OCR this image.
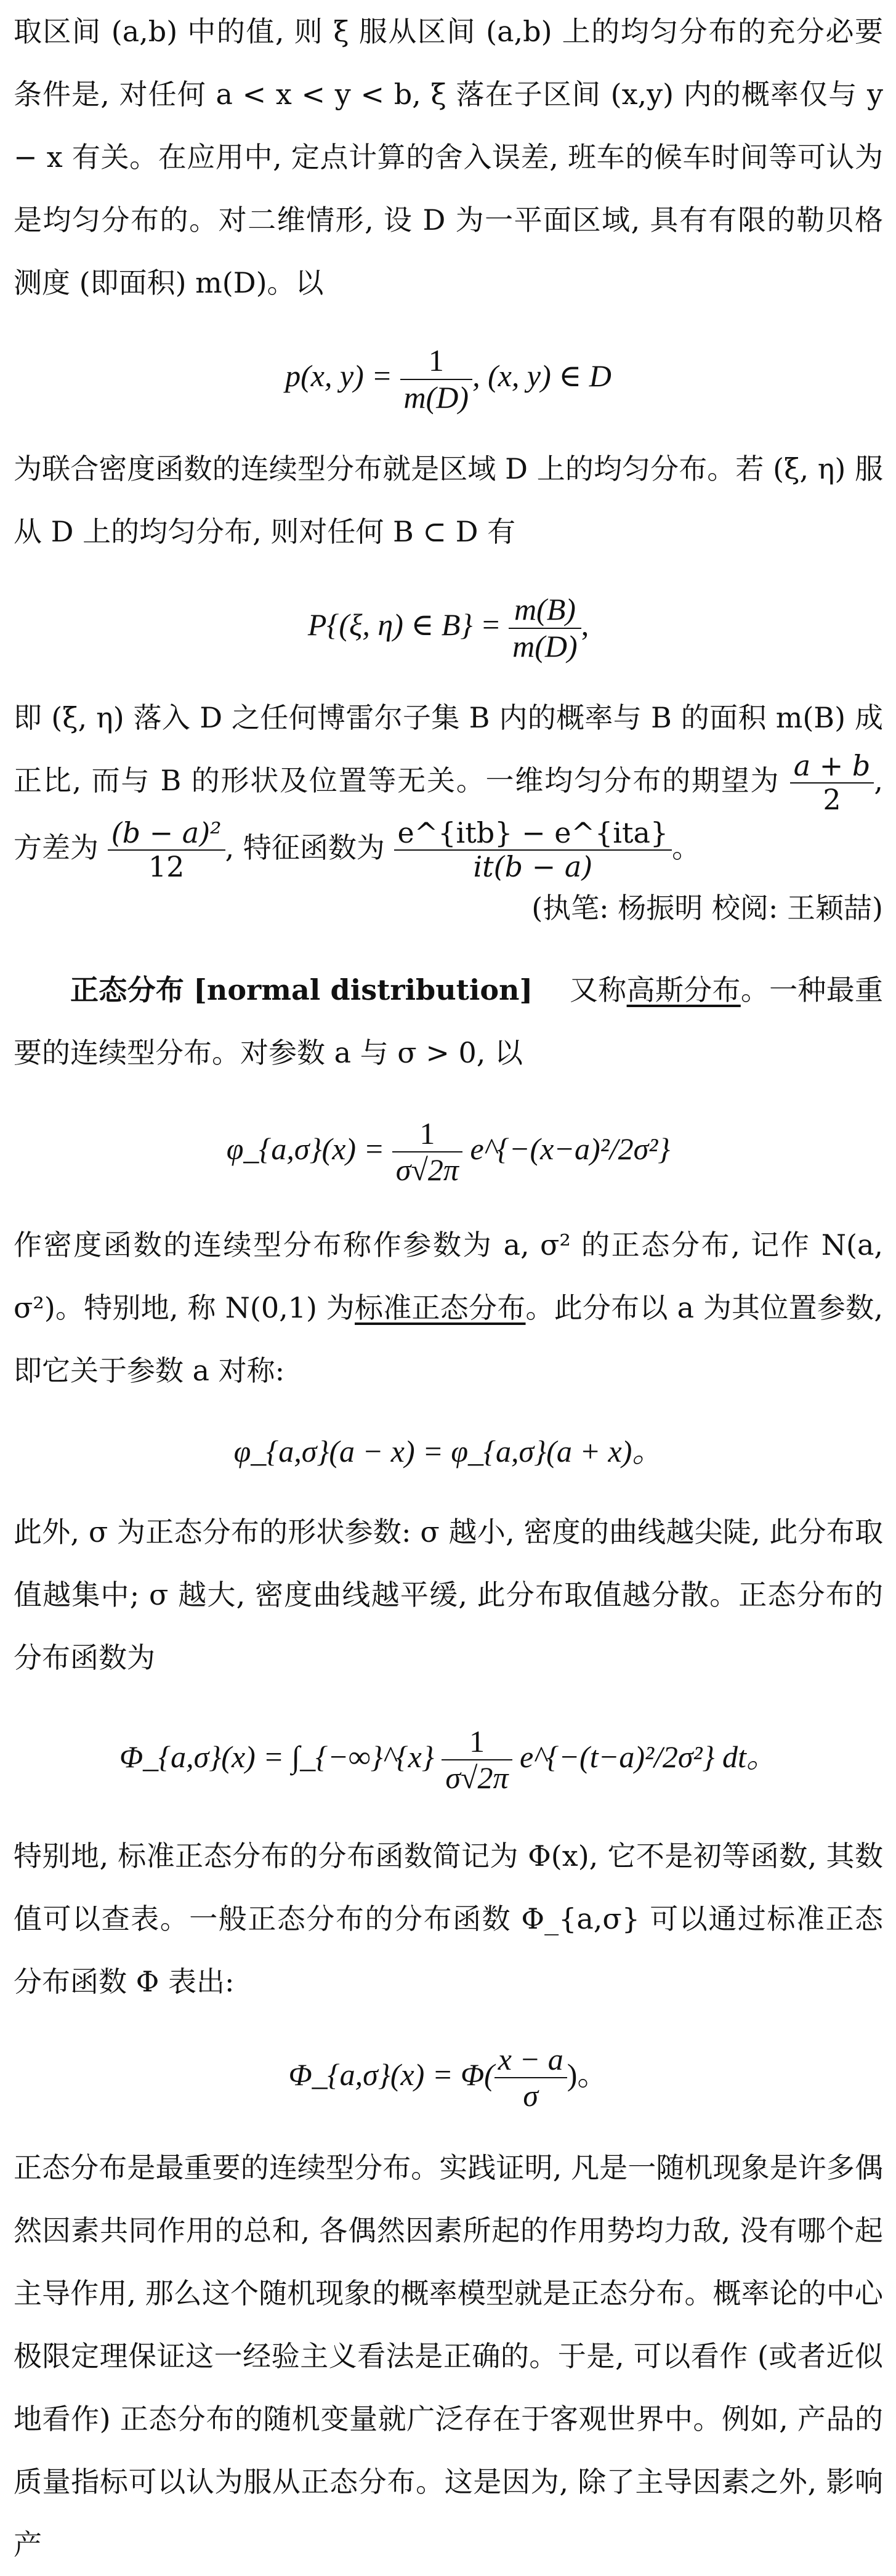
取区间 (a,b) 中的值, 则 ξ 服从区间 (a,b) 上的均匀分布的充分必要条件是, 对任何 a < x < y < b, ξ 落在子区间 (x,y) 内的概率仅与 y − x 有关。在应用中, 定点计算的舍入误差, 班车的候车时间等可认为是均匀分布的。对二维情形, 设 D 为一平面区域, 具有有限的勒贝格测度 (即面积) m(D)。以

p(x, $y) = \frac{1}{m(D)}$ , (x, y) ∈ D

为联合密度函数的连续型分布就是区域 D 上的均匀分布。若 (ξ, η) 服从 D 上的均匀分布, 则对任何 B ⊂ D 有

P{(ξ, η) ∈ $B\} = \frac{m(B)}{m(D)}$ ,

即 (ξ, η) 落入 D 之任何博雷尔子集 B 内的概率与 B 的面积 m(B) 成正比, 而与 B 的形状及位置等无关。一维均匀分布的期望为 $\frac{a + b}{2}$ , 方差为 $\frac{\text{(b − a)²}}{12}$ , 特征函数为 $\frac{\text{e\textasciicircum{}\{itb\} − e\textasciicircum{}\{ita\}}}{it(b - a)}$ 。

(执笔: 杨振明 校阅: 王颖喆)

正态分布 [normal distribution] 又称高斯分布。一种最重要的连续型分布。对参数 a 与 σ > 0, 以

φ_{a,σ}(x) = $\frac{1}{\sigma√2\pi}$ e^{−(x−a)²/2σ²}

作密度函数的连续型分布称作参数为 a, σ² 的正态分布, 记作 N(a, σ²)。特别地, 称 N(0,1) 为标准正态分布。此分布以 a 为其位置参数, 即它关于参数 a 对称:

φ_{a,σ}(a − x) = φ_{a,σ}(a + x)。

此外, σ 为正态分布的形状参数: σ 越小, 密度的曲线越尖陡, 此分布取值越集中; σ 越大, 密度曲线越平缓, 此分布取值越分散。正态分布的分布函数为

Φ_{a,σ}(x) = ∫_{−∞}^{x} $\frac{1}{\sigma√2\pi}$ e^{−(t−a)²/2σ²} dt。

特别地, 标准正态分布的分布函数简记为 Φ(x), 它不是初等函数, 其数值可以查表。一般正态分布的分布函数 Φ_{a,σ} 可以通过标准正态分布函数 Φ 表出:

Φ_{a,σ}(x) = $\Phi( \frac{x - a}{\sigma}$ )。

正态分布是最重要的连续型分布。实践证明, 凡是一随机现象是许多偶然因素共同作用的总和, 各偶然因素所起的作用势均力敌, 没有哪个起主导作用, 那么这个随机现象的概率模型就是正态分布。概率论的中心极限定理保证这一经验主义看法是正确的。于是, 可以看作 (或者近似地看作) 正态分布的随机变量就广泛存在于客观世界中。例如, 产品的质量指标可以认为服从正态分布。这是因为, 除了主导因素之外, 影响产
